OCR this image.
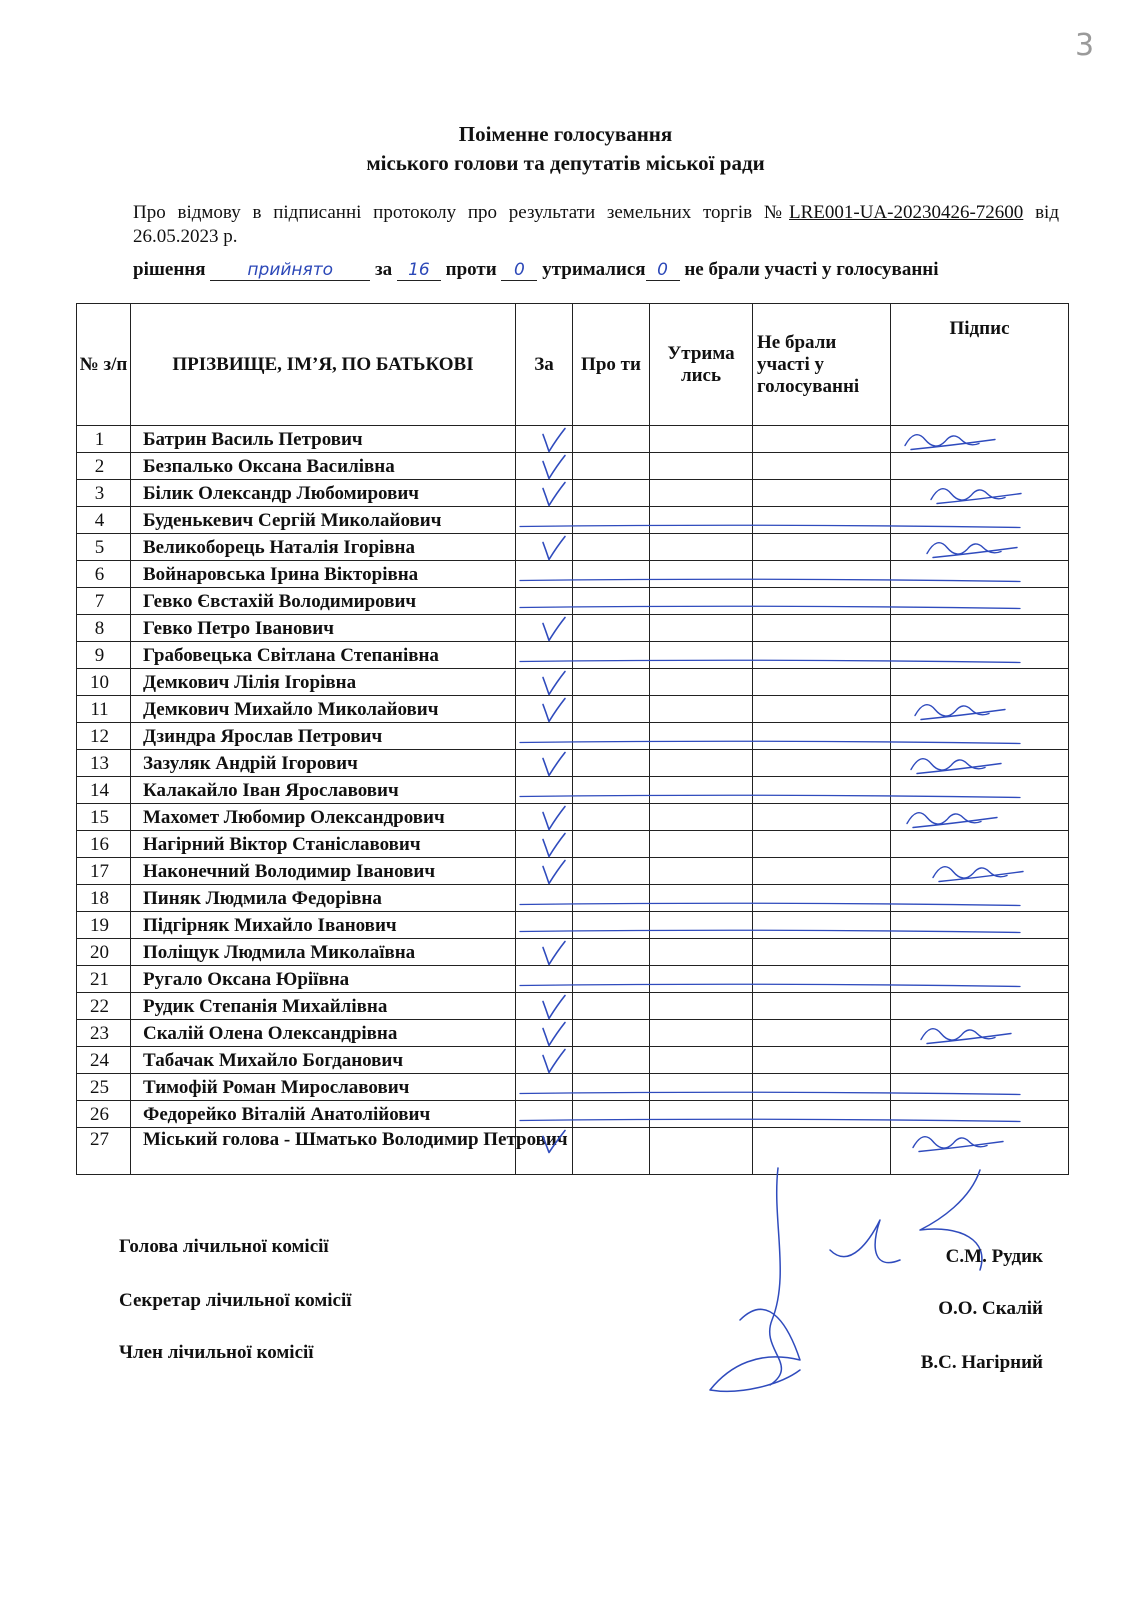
3
Поіменне голосування
міського голови та депутатів міської ради
Про відмову в підписанні протоколу про результати земельних торгів №LRE001-UA-20230426-72600 від 26.05.2023 р.
рішення прийнято за 16 проти 0 утрималися 0 не брали участі у голосуванні
№ з/п	ПРІЗВИЩЕ, ІМ’Я, ПО БАТЬКОВІ	За	Про ти	Утрима лись	Не брали участі у голосуванні	Підпис
1	Батрин Василь Петрович					
2	Безпалько Оксана Василівна					
3	Білик Олександр Любомирович					
4	Буденькевич Сергій Миколайович					
5	Великоборець Наталія Ігорівна					
6	Войнаровська Ірина Вікторівна					
7	Гевко Євстахій Володимирович					
8	Гевко Петро Іванович					
9	Грабовецька Світлана Степанівна					
10	Демкович Лілія Ігорівна					
11	Демкович Михайло Миколайович					
12	Дзиндра Ярослав Петрович					
13	Зазуляк Андрій Ігорович					
14	Калакайло Іван Ярославович					
15	Махомет Любомир Олександрович					
16	Нагірний Віктор Станіславович					
17	Наконечний Володимир Іванович					
18	Пиняк Людмила Федорівна					
19	Підгірняк Михайло Іванович					
20	Поліщук Людмила Миколаївна					
21	Ругало Оксана Юріївна					
22	Рудик Степанія Михайлівна					
23	Скалій Олена Олександрівна					
24	Табачак Михайло Богданович					
25	Тимофій Роман Мирославович					
26	Федорейко Віталій Анатолійович					
27	Міський голова - Шматько Володимир Петрович					
Голова лічильної комісії
Секретар лічильної комісії
Член лічильної комісії
С.М. Рудик
О.О. Скалій
В.С. Нагірний
